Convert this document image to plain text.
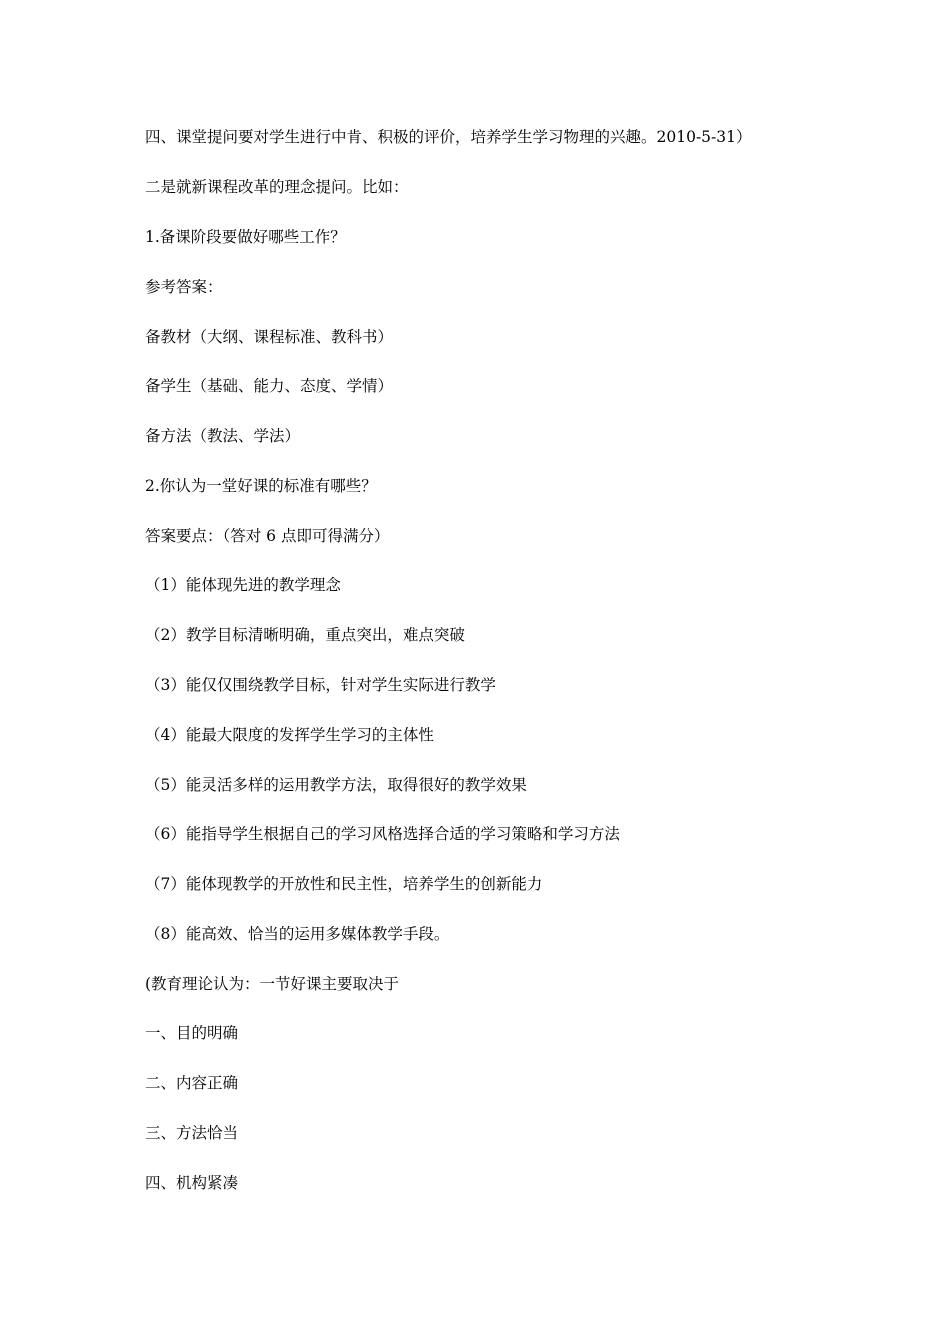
四、课堂提问要对学生进行中肯、积极的评价，培养学生学习物理的兴趣。2010-5-31）
二是就新课程改革的理念提问。比如：
1.备课阶段要做好哪些工作？
参考答案：
备教材（大纲、课程标准、教科书）
备学生（基础、能力、态度、学情）
备方法（教法、学法）
2.你认为一堂好课的标准有哪些？
答案要点：（答对 6 点即可得满分）
（1）能体现先进的教学理念
（2）教学目标清晰明确，重点突出，难点突破
（3）能仅仅围绕教学目标，针对学生实际进行教学
（4）能最大限度的发挥学生学习的主体性
（5）能灵活多样的运用教学方法，取得很好的教学效果
（6）能指导学生根据自己的学习风格选择合适的学习策略和学习方法
（7）能体现教学的开放性和民主性，培养学生的创新能力
（8）能高效、恰当的运用多媒体教学手段。
(教育理论认为：一节好课主要取决于
一、目的明确
二、内容正确
三、方法恰当
四、机构紧凑
